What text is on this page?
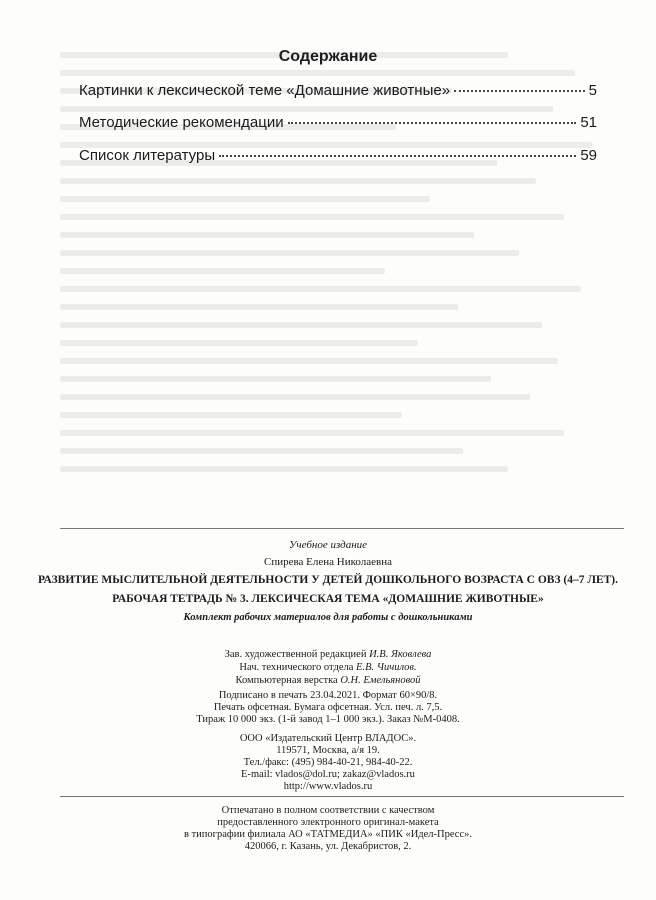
Содержание
Картинки к лексической теме «Домашние животные»	5
Методические рекомендации	51
Список литературы	59
Учебное издание
Спирева Елена Николаевна
РАЗВИТИЕ МЫСЛИТЕЛЬНОЙ ДЕЯТЕЛЬНОСТИ У ДЕТЕЙ ДОШКОЛЬНОГО ВОЗРАСТА С ОВЗ (4–7 ЛЕТ).
РАБОЧАЯ ТЕТРАДЬ № 3. ЛЕКСИЧЕСКАЯ ТЕМА «ДОМАШНИЕ ЖИВОТНЫЕ»
Комплект рабочих материалов для работы с дошкольниками
Зав. художественной редакцией И.В. Яковлева
Нач. технического отдела Е.В. Чичилов.
Компьютерная верстка О.Н. Емельяновой
Подписано в печать 23.04.2021. Формат 60×90/8.
Печать офсетная. Бумага офсетная. Усл. печ. л. 7,5.
Тираж 10 000 экз. (1-й завод 1–1 000 экз.). Заказ №М-0408.
ООО «Издательский Центр ВЛАДОС».
119571, Москва, а/я 19.
Тел./факс: (495) 984-40-21, 984-40-22.
E-mail: vlados@dol.ru; zakaz@vlados.ru
http://www.vlados.ru
Отпечатано в полном соответствии с качеством
предоставленного электронного оригинал-макета
в типографии филиала АО «ТАТМЕДИА» «ПИК «Идел-Пресс».
420066, г. Казань, ул. Декабристов, 2.
